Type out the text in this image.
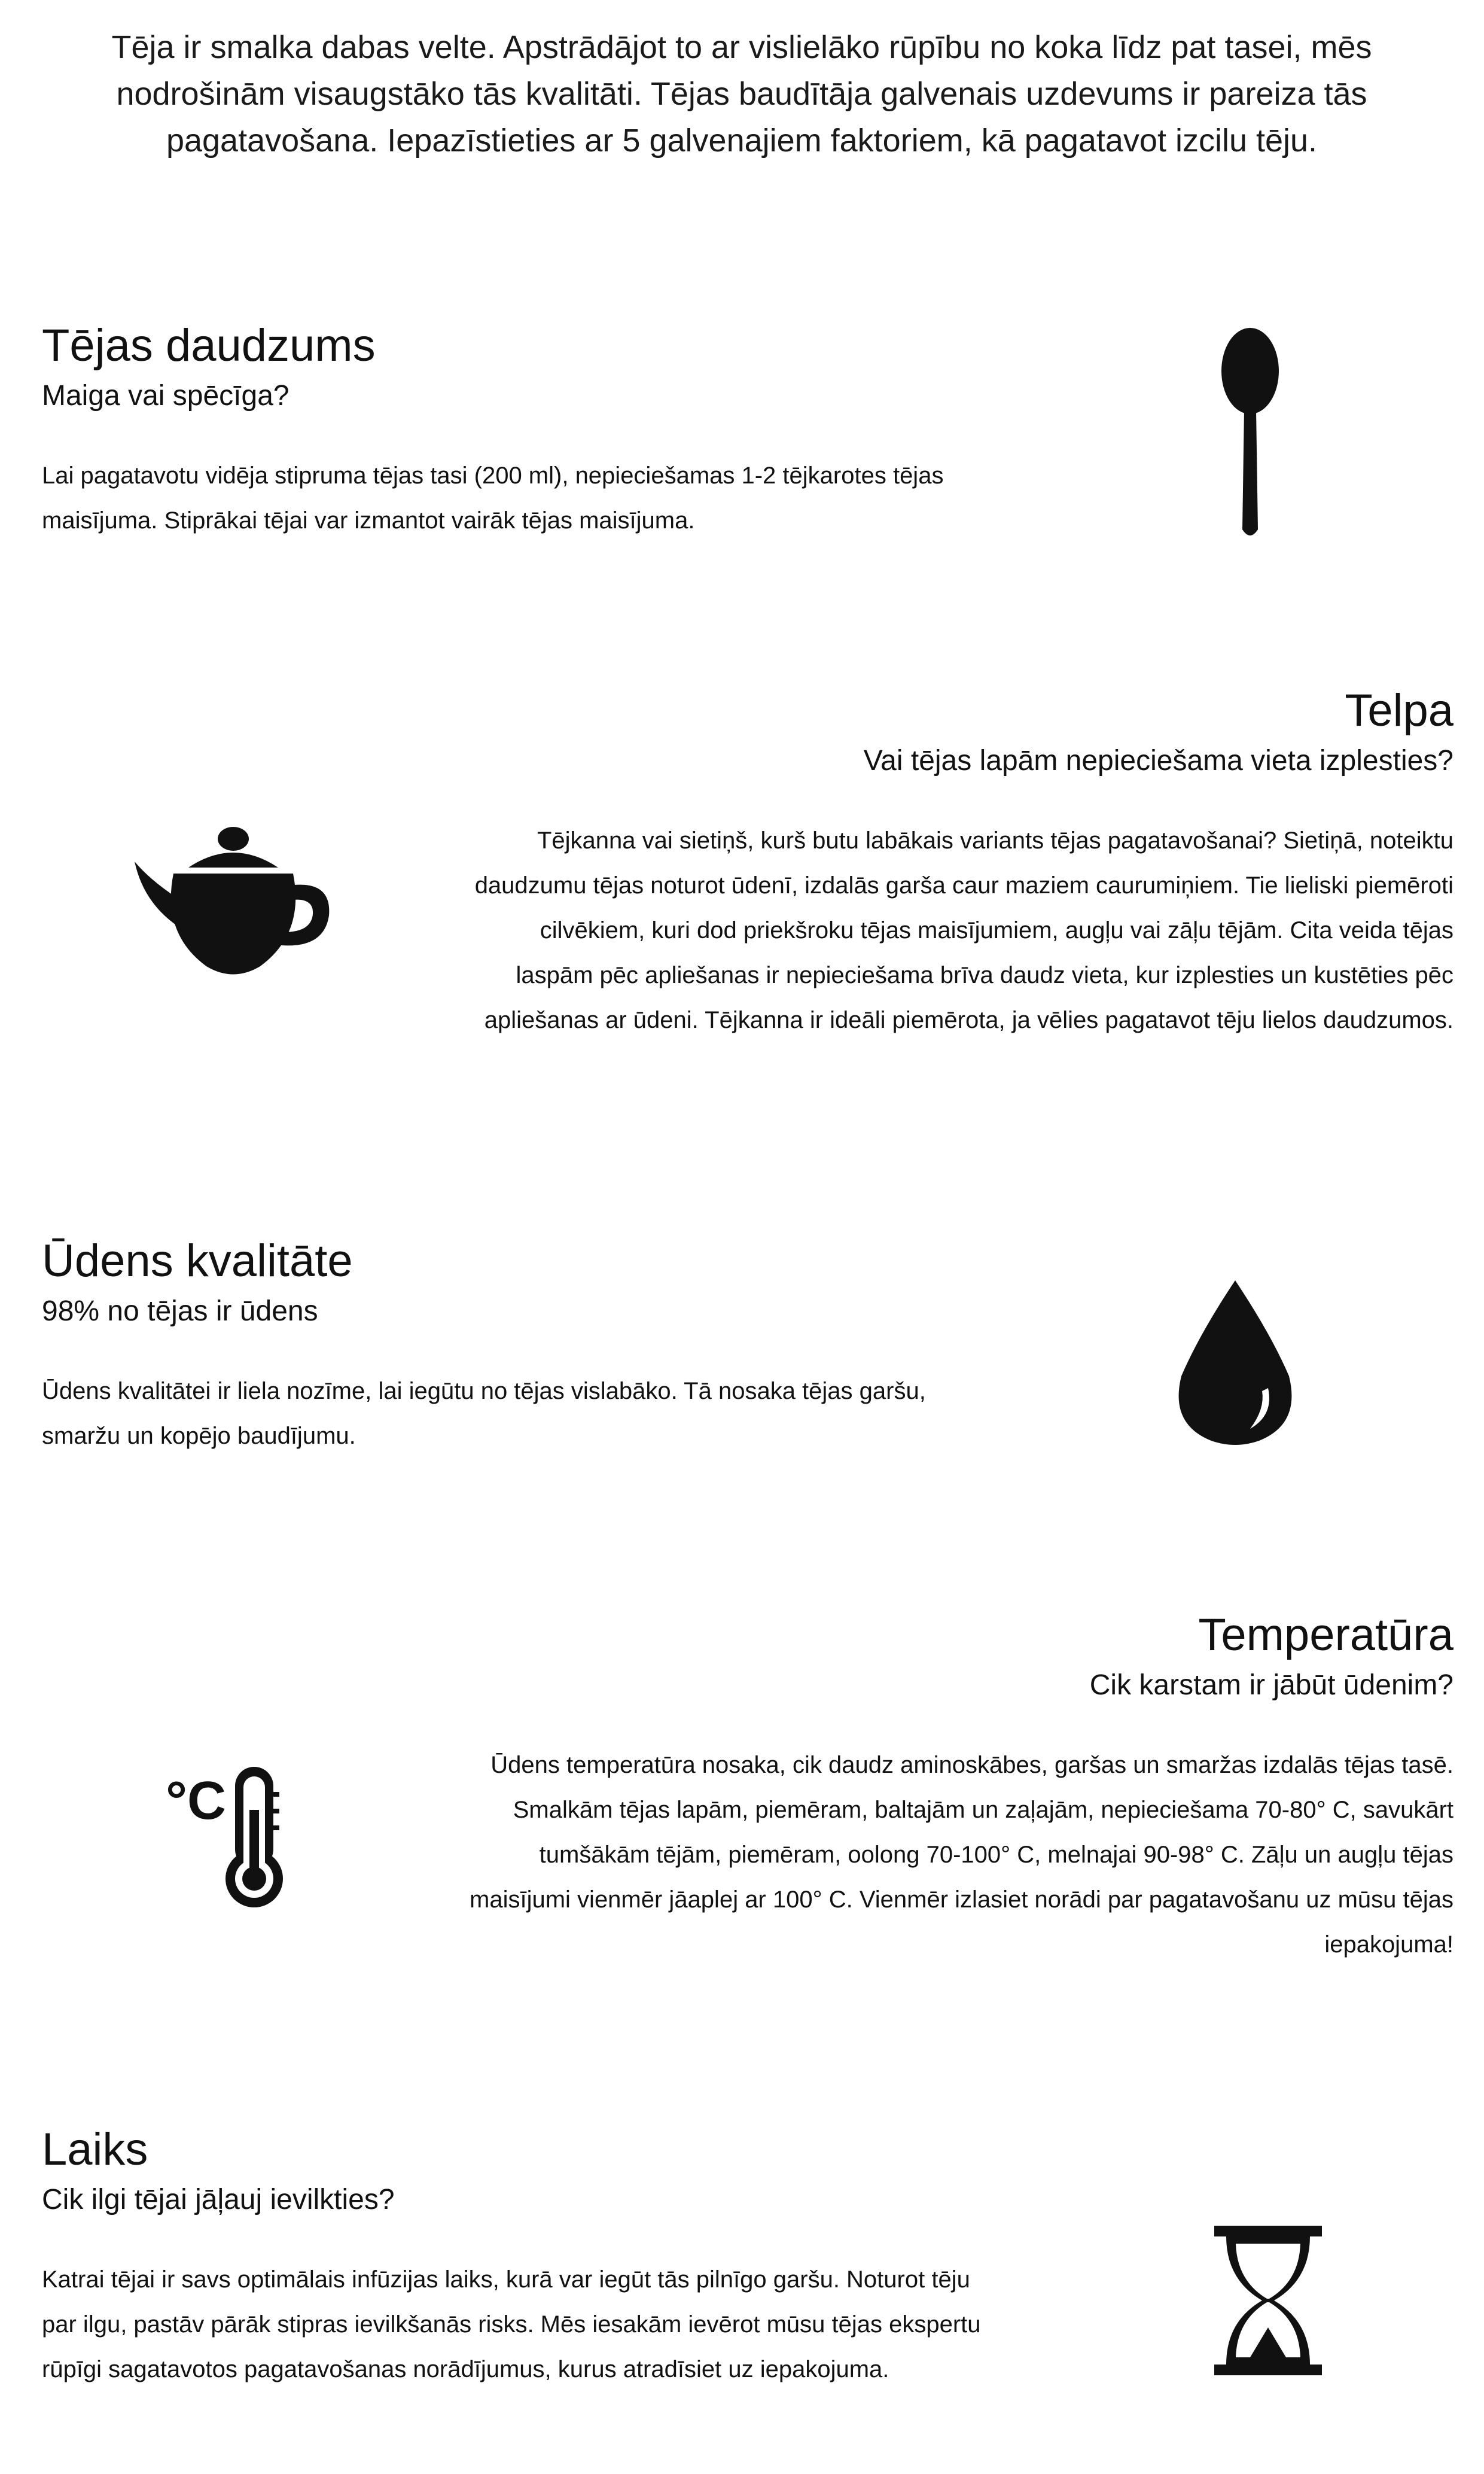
Tēja ir smalka dabas velte. Apstrādājot to ar vislielāko rūpību no koka līdz pat tasei, mēs nodrošinām visaugstāko tās kvalitāti. Tējas baudītāja galvenais uzdevums ir pareiza tās pagatavošana. Iepazīstieties ar 5 galvenajiem faktoriem, kā pagatavot izcilu tēju.

Tējas daudzums

Maiga vai spēcīga?

Lai pagatavotu vidēja stipruma tējas tasi (200 ml), nepieciešamas 1-2 tējkarotes tējas maisījuma. Stiprākai tējai var izmantot vairāk tējas maisījuma.

Telpa

Vai tējas lapām nepieciešama vieta izplesties?

Tējkanna vai sietiņš, kurš butu labākais variants tējas pagatavošanai? Sietiņā, noteiktu daudzumu tējas noturot ūdenī, izdalās garša caur maziem caurumiņiem. Tie lieliski piemēroti cilvēkiem, kuri dod priekšroku tējas maisījumiem, augļu vai zāļu tējām. Cita veida tējas laspām pēc apliešanas ir nepieciešama brīva daudz vieta, kur izplesties un kustēties pēc apliešanas ar ūdeni. Tējkanna ir ideāli piemērota, ja vēlies pagatavot tēju lielos daudzumos.

Ūdens kvalitāte

98% no tējas ir ūdens

Ūdens kvalitātei ir liela nozīme, lai iegūtu no tējas vislabāko. Tā nosaka tējas garšu, smaržu un kopējo baudījumu.

Temperatūra

Cik karstam ir jābūt ūdenim?

Ūdens temperatūra nosaka, cik daudz aminoskābes, garšas un smaržas izdalās tējas tasē. Smalkām tējas lapām, piemēram, baltajām un zaļajām, nepieciešama 70-80° C, savukārt tumšākām tējām, piemēram, oolong 70-100° C, melnajai 90-98° C. Zāļu un augļu tējas maisījumi vienmēr jāaplej ar 100° C. Vienmēr izlasiet norādi par pagatavošanu uz mūsu tējas iepakojuma!

°C
Laiks

Cik ilgi tējai jāļauj ievilkties?

Katrai tējai ir savs optimālais infūzijas laiks, kurā var iegūt tās pilnīgo garšu. Noturot tēju par ilgu, pastāv pārāk stipras ievilkšanās risks. Mēs iesakām ievērot mūsu tējas ekspertu rūpīgi sagatavotos pagatavošanas norādījumus, kurus atradīsiet uz iepakojuma.
